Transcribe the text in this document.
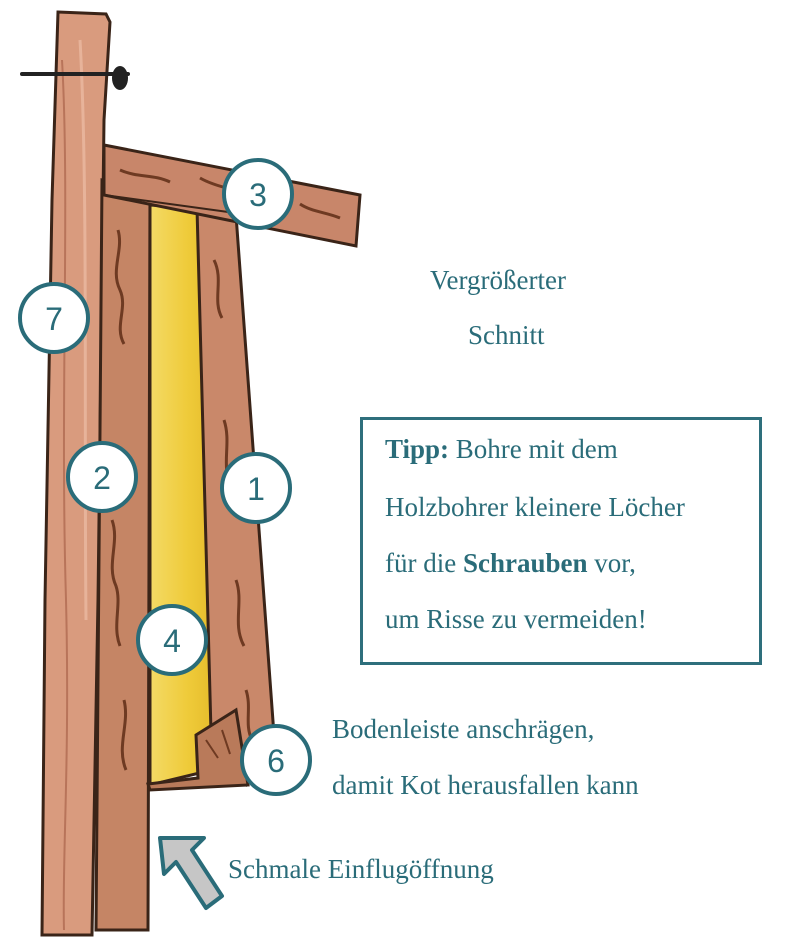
3
7
2	1
4
6
Vergrößerter
Schnitt
Tipp: Bohre mit dem
Holzbohrer kleinere Löcher
für die Schrauben vor,
um Risse zu vermeiden!
Bodenleiste anschrägen,
damit Kot herausfallen kann
Schmale Einflugöffnung
